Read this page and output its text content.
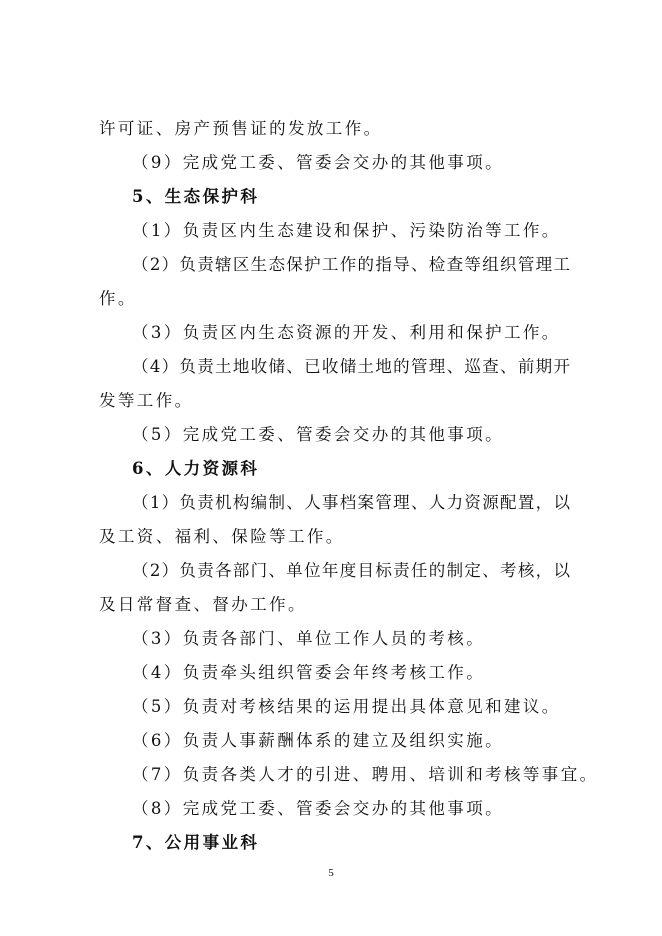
许可证、房产预售证的发放工作。
（9）完成党工委、管委会交办的其他事项。
5、生态保护科
（1）负责区内生态建设和保护、污染防治等工作。
（2）负责辖区生态保护工作的指导、检查等组织管理工
作。
（3）负责区内生态资源的开发、利用和保护工作。
（4）负责土地收储、已收储土地的管理、巡查、前期开
发等工作。
（5）完成党工委、管委会交办的其他事项。
6、人力资源科
（1）负责机构编制、人事档案管理、人力资源配置，以
及工资、福利、保险等工作。
（2）负责各部门、单位年度目标责任的制定、考核，以
及日常督查、督办工作。
（3）负责各部门、单位工作人员的考核。
（4）负责牵头组织管委会年终考核工作。
（5）负责对考核结果的运用提出具体意见和建议。
（6）负责人事薪酬体系的建立及组织实施。
（7）负责各类人才的引进、聘用、培训和考核等事宜。
（8）完成党工委、管委会交办的其他事项。
7、公用事业科
5
